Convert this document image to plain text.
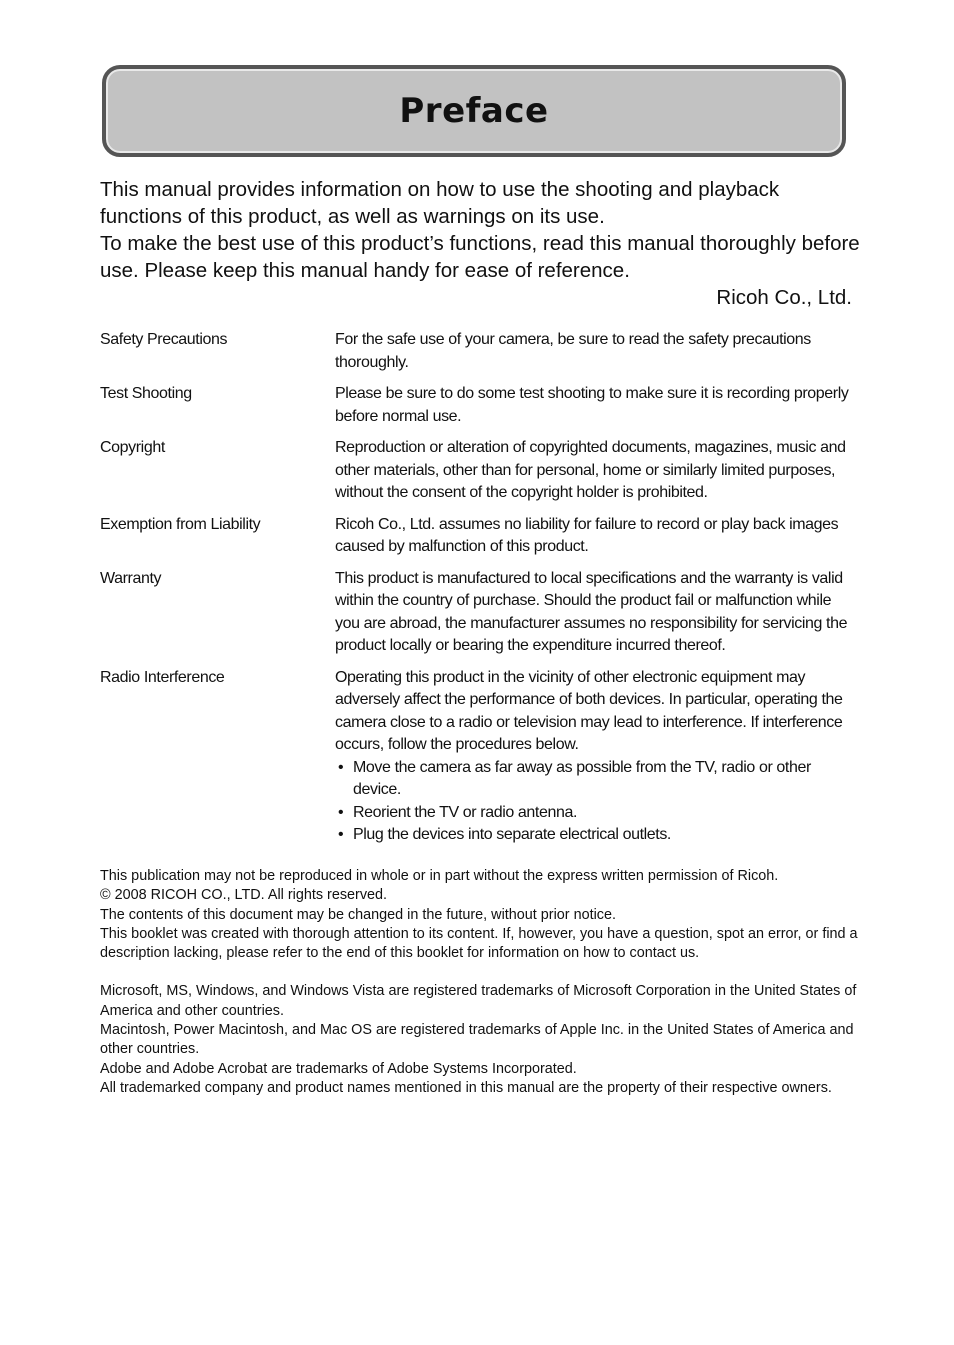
Preface

This manual provides information on how to use the shooting and playback functions of this product, as well as warnings on its use.

To make the best use of this product’s functions, read this manual thoroughly before use. Please keep this manual handy for ease of reference.

Ricoh Co., Ltd.

Safety Precautions	For the safe use of your camera, be sure to read the safety precautions thoroughly.

Test Shooting	Please be sure to do some test shooting to make sure it is recording properly before normal use.

Copyright	Reproduction or alteration of copyrighted documents, magazines, music and other materials, other than for personal, home or similarly limited purposes, without the consent of the copyright holder is prohibited.

Exemption from Liability	Ricoh Co., Ltd. assumes no liability for failure to record or play back images caused by malfunction of this product.

Warranty	This product is manufactured to local specifications and the warranty is valid within the country of purchase. Should the product fail or malfunction while you are abroad, the manufacturer assumes no responsibility for servicing the product locally or bearing the expenditure incurred thereof.

Radio Interference	Operating this product in the vicinity of other electronic equipment may adversely affect the performance of both devices. In particular, operating the camera close to a radio or television may lead to interference. If interference occurs, follow the procedures below.

• Move the camera as far away as possible from the TV, radio or other device.
• Reorient the TV or radio antenna.
• Plug the devices into separate electrical outlets.

This publication may not be reproduced in whole or in part without the express written permission of Ricoh.

© 2008 RICOH CO., LTD. All rights reserved.

The contents of this document may be changed in the future, without prior notice.

This booklet was created with thorough attention to its content. If, however, you have a question, spot an error, or find a description lacking, please refer to the end of this booklet for information on how to contact us.

Microsoft, MS, Windows, and Windows Vista are registered trademarks of Microsoft Corporation in the United States of America and other countries.

Macintosh, Power Macintosh, and Mac OS are registered trademarks of Apple Inc. in the United States of America and other countries.

Adobe and Adobe Acrobat are trademarks of Adobe Systems Incorporated.

All trademarked company and product names mentioned in this manual are the property of their respective owners.
